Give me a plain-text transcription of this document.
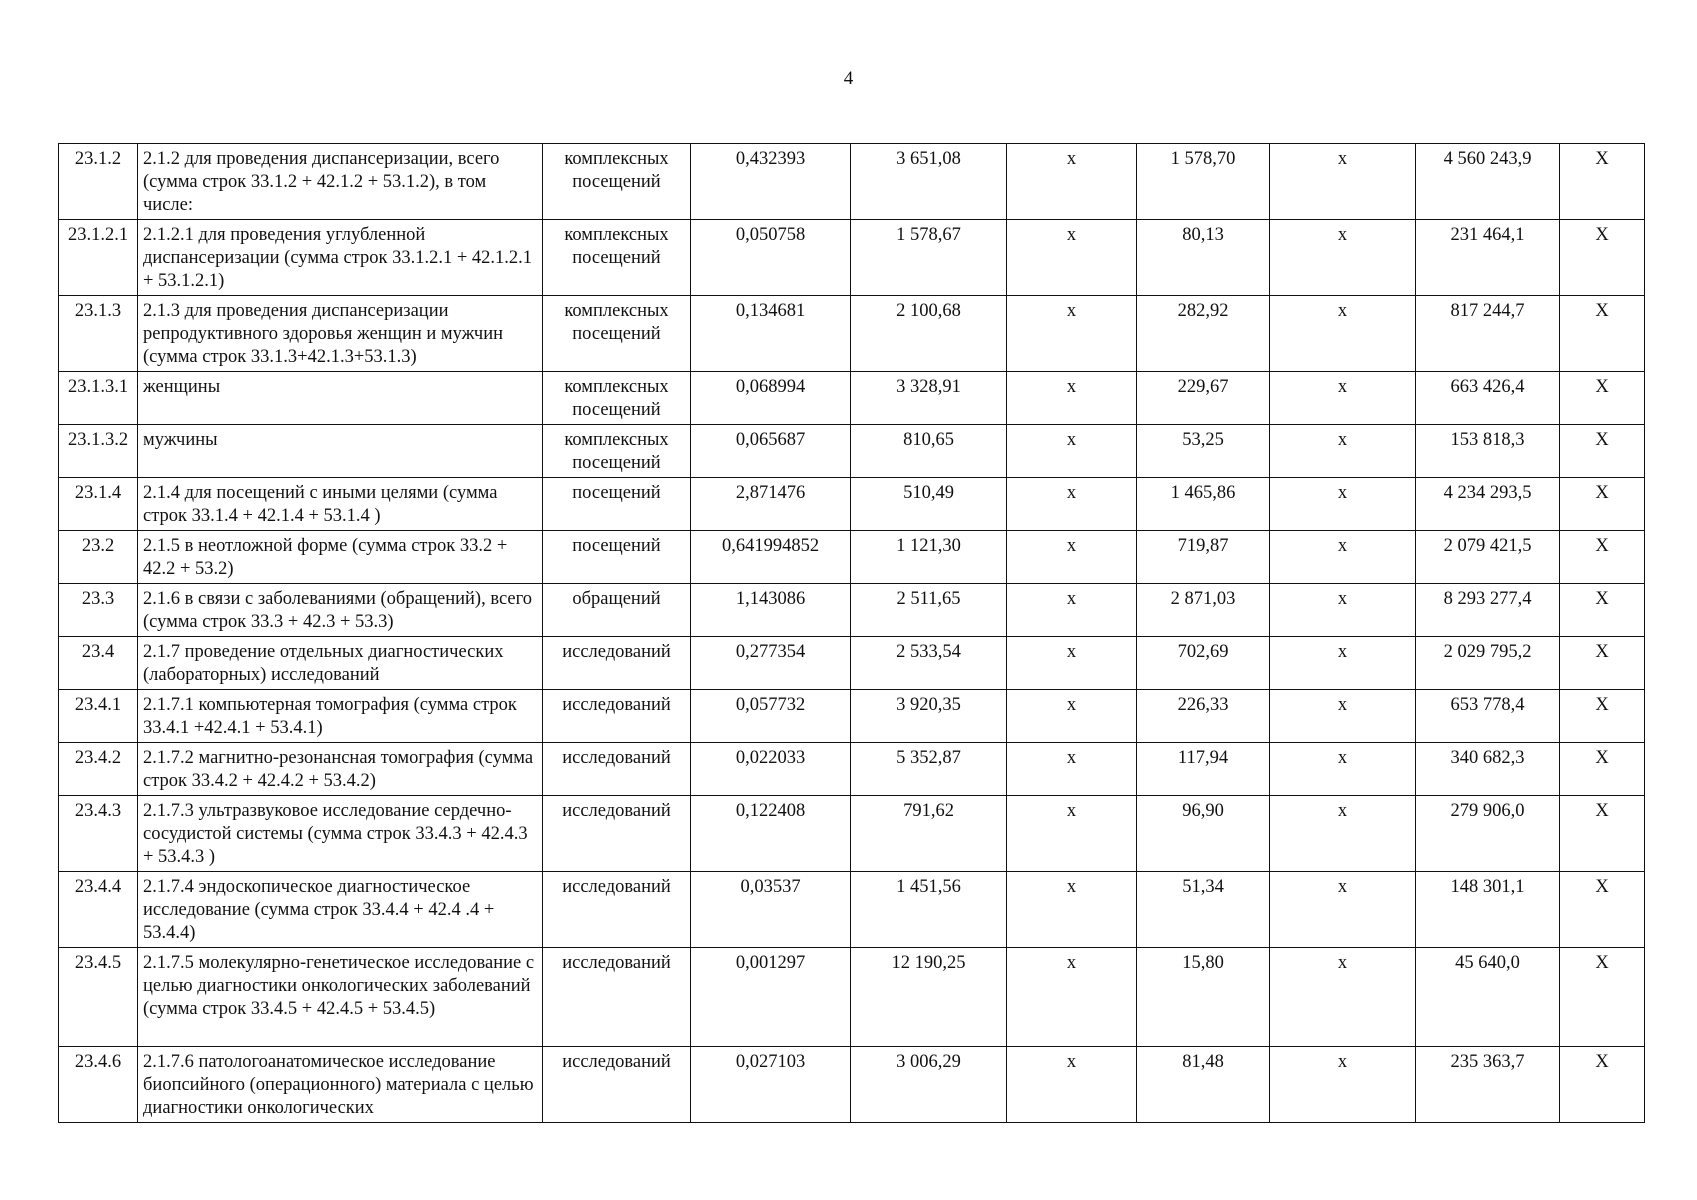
4
23.1.2	2.1.2 для проведения диспансеризации, всего (сумма строк 33.1.2 + 42.1.2 + 53.1.2), в том числе:	комплексных посещений	0,432393	3 651,08	x	1 578,70	x	4 560 243,9	X
23.1.2.1	2.1.2.1 для проведения углубленной диспансеризации (сумма строк 33.1.2.1 + 42.1.2.1 + 53.1.2.1)	комплексных посещений	0,050758	1 578,67	x	80,13	x	231 464,1	X
23.1.3	2.1.3 для проведения диспансеризации репродуктивного здоровья женщин и мужчин (сумма строк 33.1.3+42.1.3+53.1.3)	комплексных посещений	0,134681	2 100,68	x	282,92	x	817 244,7	X
23.1.3.1	женщины	комплексных посещений	0,068994	3 328,91	x	229,67	x	663 426,4	X
23.1.3.2	мужчины	комплексных посещений	0,065687	810,65	x	53,25	x	153 818,3	X
23.1.4	2.1.4 для посещений с иными целями (сумма строк 33.1.4 + 42.1.4 + 53.1.4 )	посещений	2,871476	510,49	x	1 465,86	x	4 234 293,5	X
23.2	2.1.5 в неотложной форме (сумма строк 33.2 + 42.2 + 53.2)	посещений	0,641994852	1 121,30	x	719,87	x	2 079 421,5	X
23.3	2.1.6 в связи с заболеваниями (обращений), всего (сумма строк 33.3 + 42.3 + 53.3)	обращений	1,143086	2 511,65	x	2 871,03	x	8 293 277,4	X
23.4	2.1.7 проведение отдельных диагностических (лабораторных) исследований	исследований	0,277354	2 533,54	x	702,69	x	2 029 795,2	X
23.4.1	2.1.7.1 компьютерная томография (сумма строк 33.4.1 +42.4.1 + 53.4.1)	исследований	0,057732	3 920,35	x	226,33	x	653 778,4	X
23.4.2	2.1.7.2 магнитно-резонансная томография (сумма строк 33.4.2 + 42.4.2 + 53.4.2)	исследований	0,022033	5 352,87	x	117,94	x	340 682,3	X
23.4.3	2.1.7.3 ультразвуковое исследование сердечно-сосудистой системы (сумма строк 33.4.3 + 42.4.3 + 53.4.3 )	исследований	0,122408	791,62	x	96,90	x	279 906,0	X
23.4.4	2.1.7.4 эндоскопическое диагностическое исследование (сумма строк 33.4.4 + 42.4 .4 + 53.4.4)	исследований	0,03537	1 451,56	x	51,34	x	148 301,1	X
23.4.5	2.1.7.5 молекулярно-генетическое исследование с целью диагностики онкологических заболеваний (сумма строк 33.4.5 + 42.4.5 + 53.4.5)	исследований	0,001297	12 190,25	x	15,80	x	45 640,0	X
23.4.6	2.1.7.6 патологоанатомическое исследование биопсийного (операционного) материала с целью диагностики онкологических	исследований	0,027103	3 006,29	x	81,48	x	235 363,7	X
